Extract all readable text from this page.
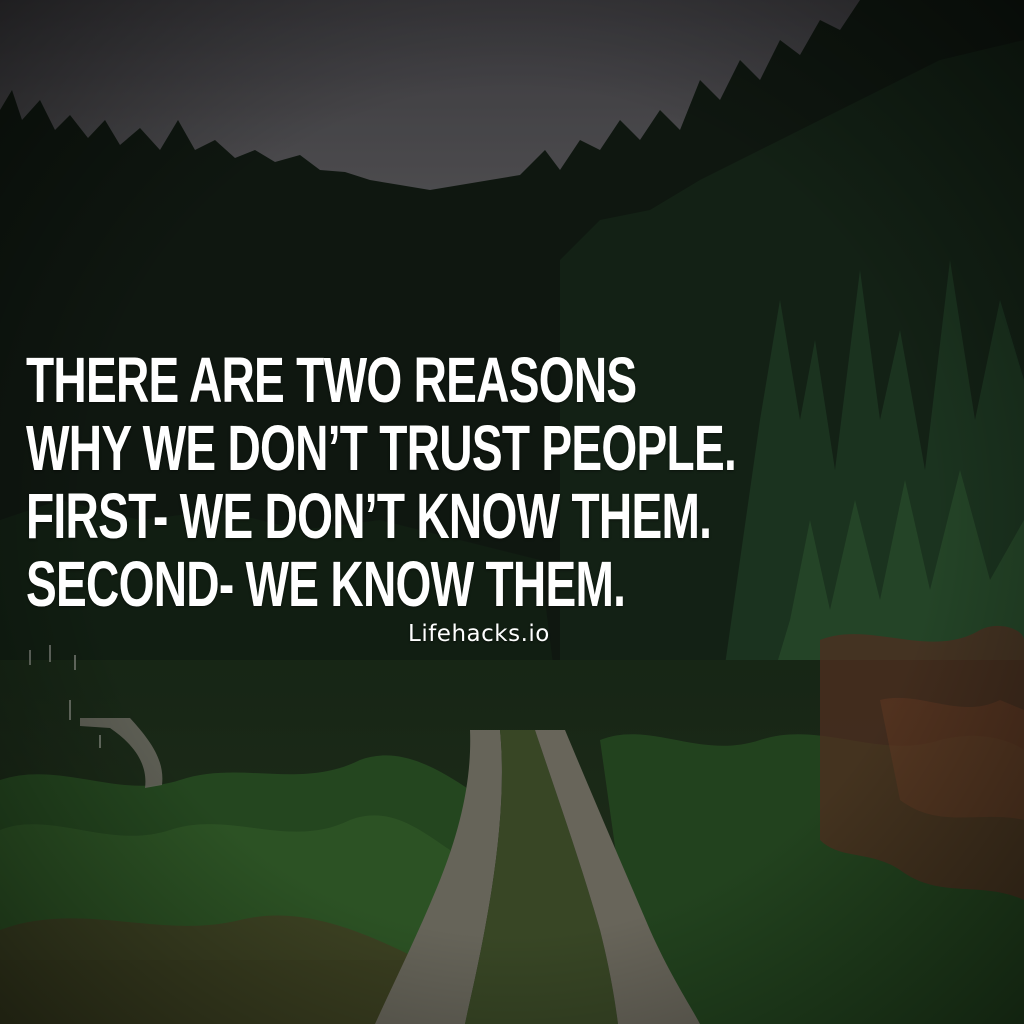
THERE ARE TWO REASONS
WHY WE DON’T TRUST PEOPLE.
FIRST- WE DON’T KNOW THEM.
SECOND- WE KNOW THEM.
Lifehacks.io
